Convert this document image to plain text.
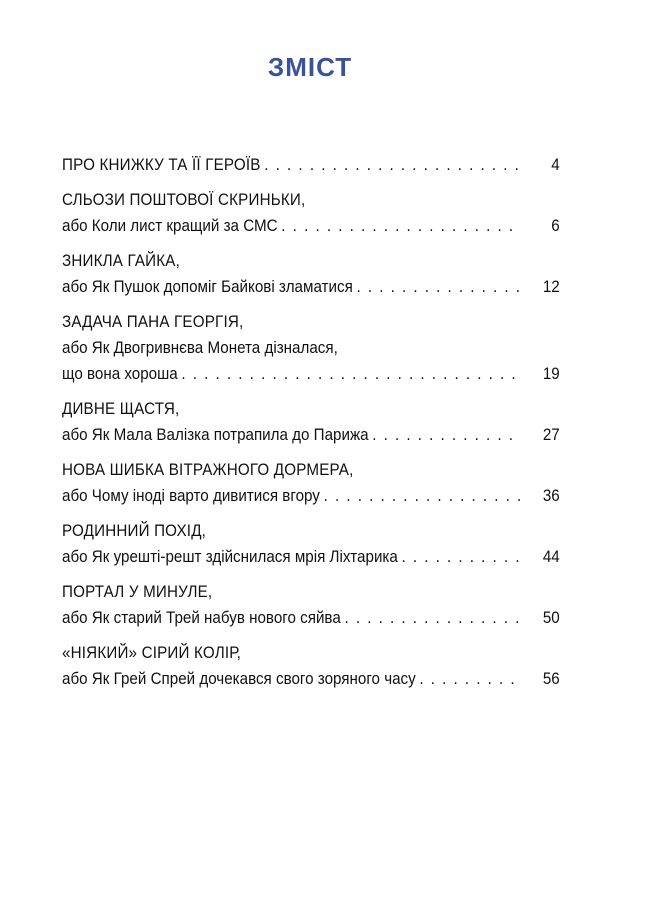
ЗМІСТ
ПРО КНИЖКУ ТА ЇЇ ГЕРОЇВ . . .	4
СЛЬОЗИ ПОШТОВОЇ СКРИНЬКИ,
або Коли лист кращий за СМС . . .	6
ЗНИКЛА ГАЙКА,
або Як Пушок допоміг Байкові зламатися . . .	12
ЗАДАЧА ПАНА ГЕОРГІЯ,
або Як Двогривнєва Монета дізналася,
що вона хороша . . .	19
ДИВНЕ ЩАСТЯ,
або Як Мала Валізка потрапила до Парижа . . .	27
НОВА ШИБКА ВІТРАЖНОГО ДОРМЕРА,
або Чому іноді варто дивитися вгору . . .	36
РОДИННИЙ ПОХІД,
або Як урешті-решт здійснилася мрія Ліхтарика . . .	44
ПОРТАЛ У МИНУЛЕ,
або Як старий Трей набув нового сяйва . . .	50
«НІЯКИЙ» СІРИЙ КОЛІР,
або Як Грей Спрей дочекався свого зоряного часу . . .	56
